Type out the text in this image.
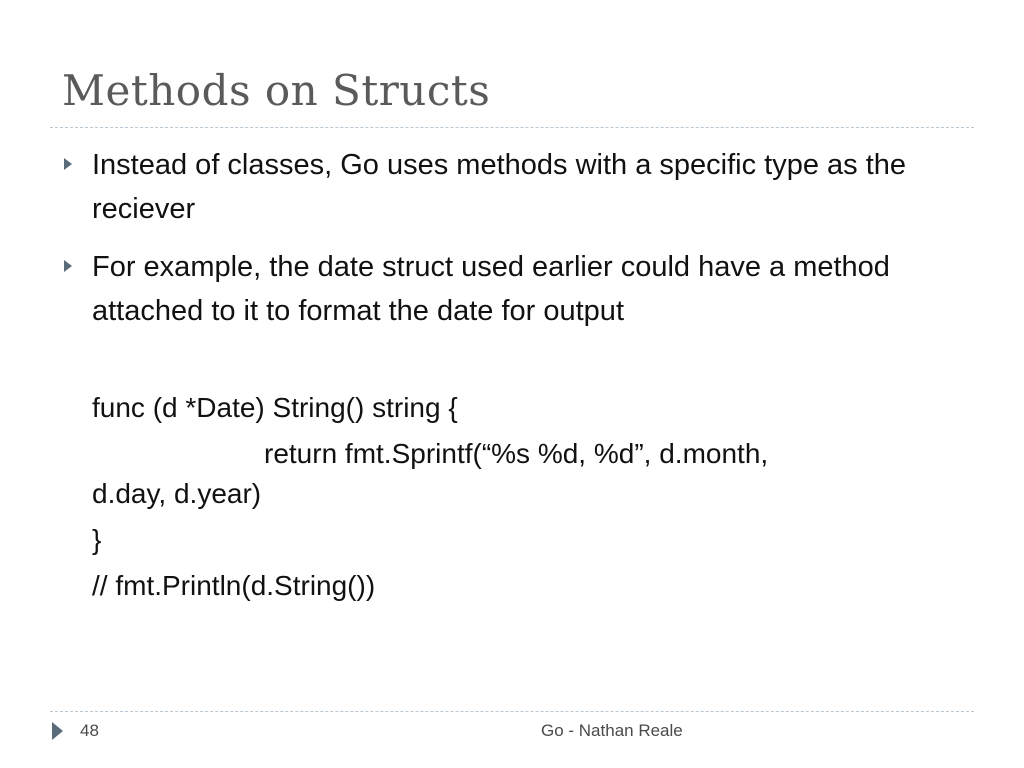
Methods on Structs
Instead of classes, Go uses methods with a specific type as the reciever
For example, the date struct used earlier could have a method attached to it to format the date for output
func (d *Date) String() string {
return fmt.Sprintf(“%s %d, %d”, d.month,
d.day, d.year)
}
// fmt.Println(d.String())
48	Go - Nathan Reale
